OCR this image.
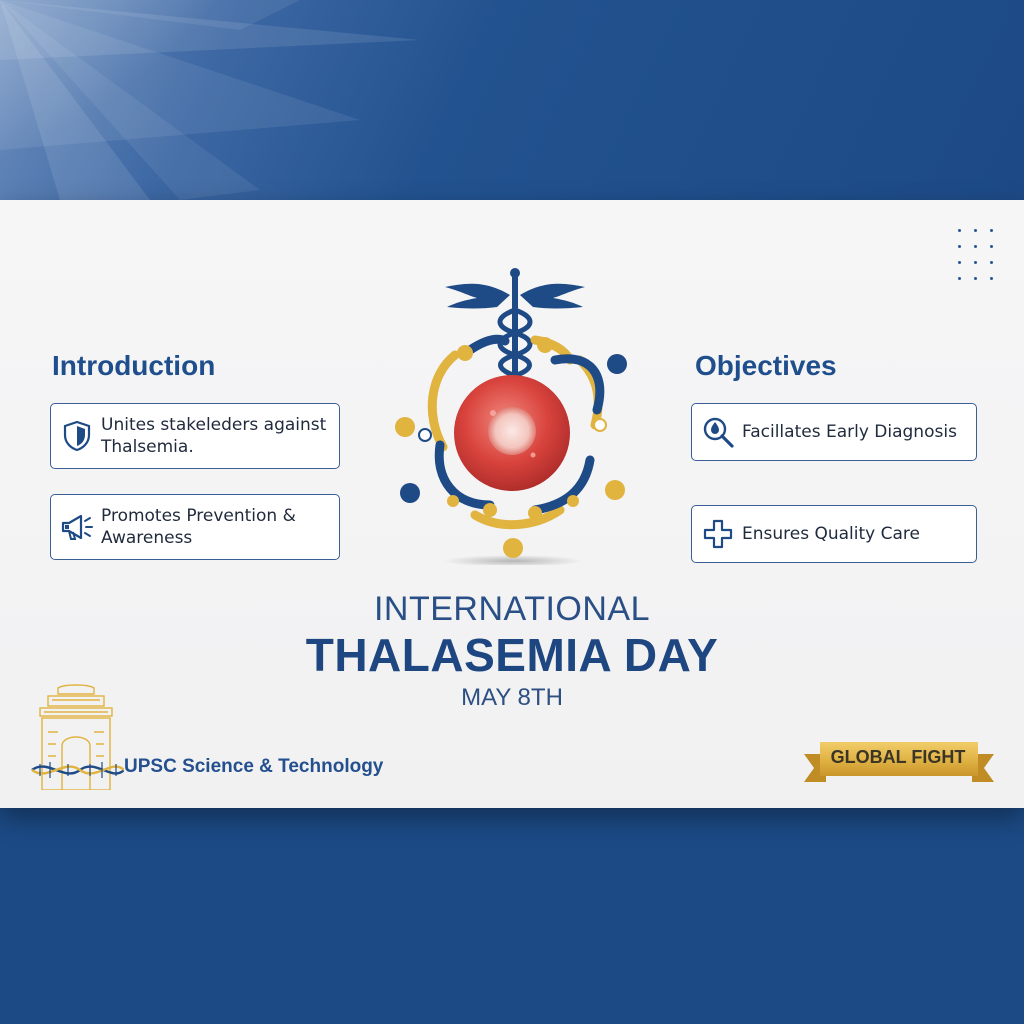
Introduction
Unites stakeleders against Thalsemia.
Promotes Prevention & Awareness
Objectives
Facillates Early Diagnosis
Ensures Quality Care
INTERNATIONAL
THALASEMIA DAY
MAY 8TH
UPSC Science & Technology	GLOBAL FIGHT
